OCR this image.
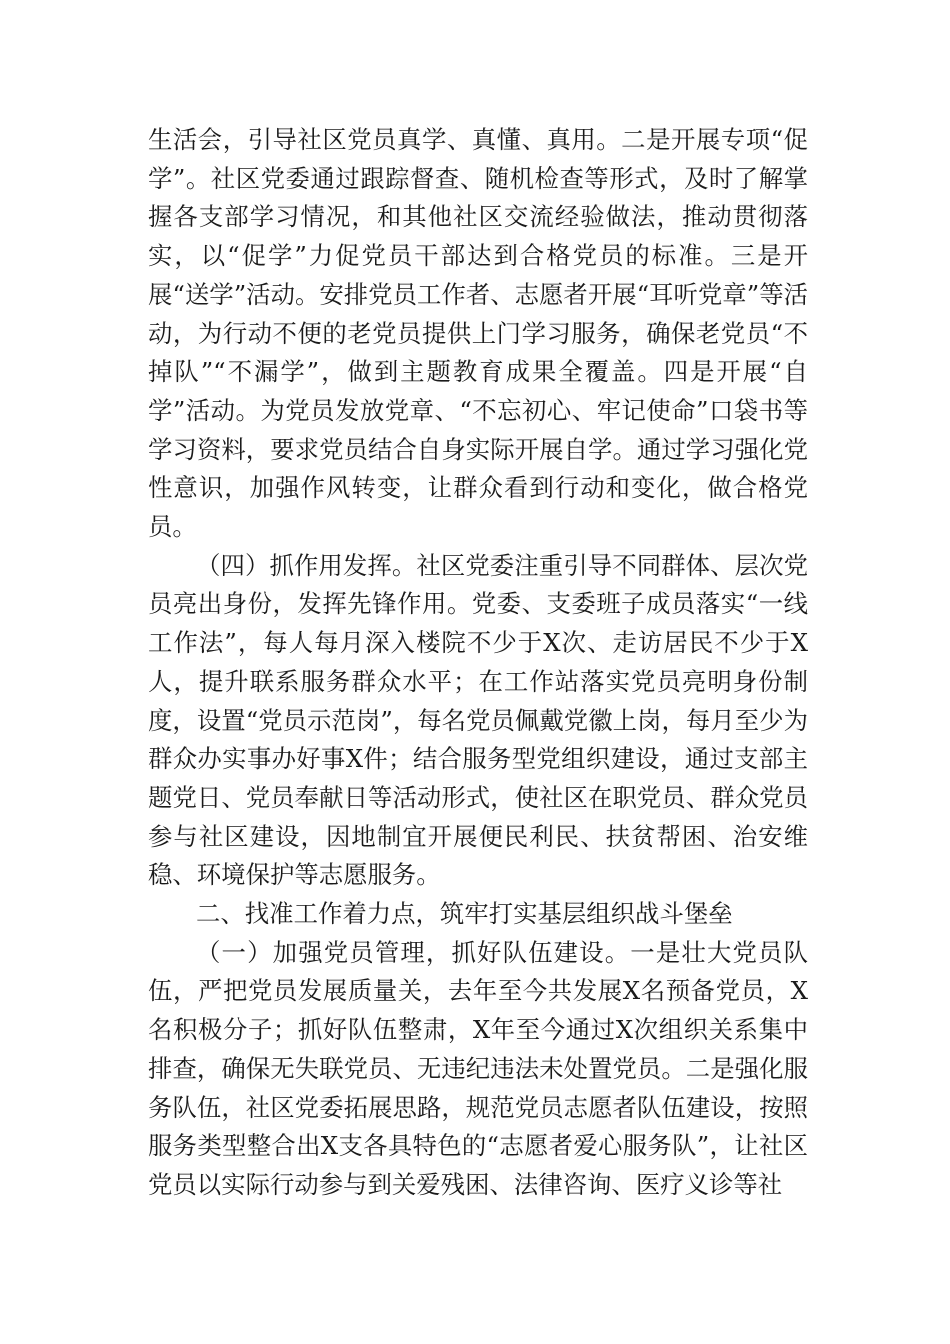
生活会，引导社区党员真学、真懂、真用。二是开展专项“促学”。社区党委通过跟踪督查、随机检查等形式，及时了解掌握各支部学习情况，和其他社区交流经验做法，推动贯彻落实，以“促学”力促党员干部达到合格党员的标准。三是开展“送学”活动。安排党员工作者、志愿者开展“耳听党章”等活动，为行动不便的老党员提供上门学习服务，确保老党员“不掉队”“不漏学”，做到主题教育成果全覆盖。四是开展“自学”活动。为党员发放党章、“不忘初心、牢记使命”口袋书等学习资料，要求党员结合自身实际开展自学。通过学习强化党性意识，加强作风转变，让群众看到行动和变化，做合格党员。

（四）抓作用发挥。社区党委注重引导不同群体、层次党员亮出身份，发挥先锋作用。党委、支委班子成员落实“一线工作法”，每人每月深入楼院不少于X次、走访居民不少于X人，提升联系服务群众水平；在工作站落实党员亮明身份制度，设置“党员示范岗”，每名党员佩戴党徽上岗，每月至少为群众办实事办好事X件；结合服务型党组织建设，通过支部主题党日、党员奉献日等活动形式，使社区在职党员、群众党员参与社区建设，因地制宜开展便民利民、扶贫帮困、治安维稳、环境保护等志愿服务。

二、找准工作着力点，筑牢打实基层组织战斗堡垒

（一）加强党员管理，抓好队伍建设。一是壮大党员队伍，严把党员发展质量关，去年至今共发展X名预备党员，X名积极分子；抓好队伍整肃，X年至今通过X次组织关系集中排查，确保无失联党员、无违纪违法未处置党员。二是强化服务队伍，社区党委拓展思路，规范党员志愿者队伍建设，按照服务类型整合出X支各具特色的“志愿者爱心服务队”，让社区党员以实际行动参与到关爱残困、法律咨询、医疗义诊等社
